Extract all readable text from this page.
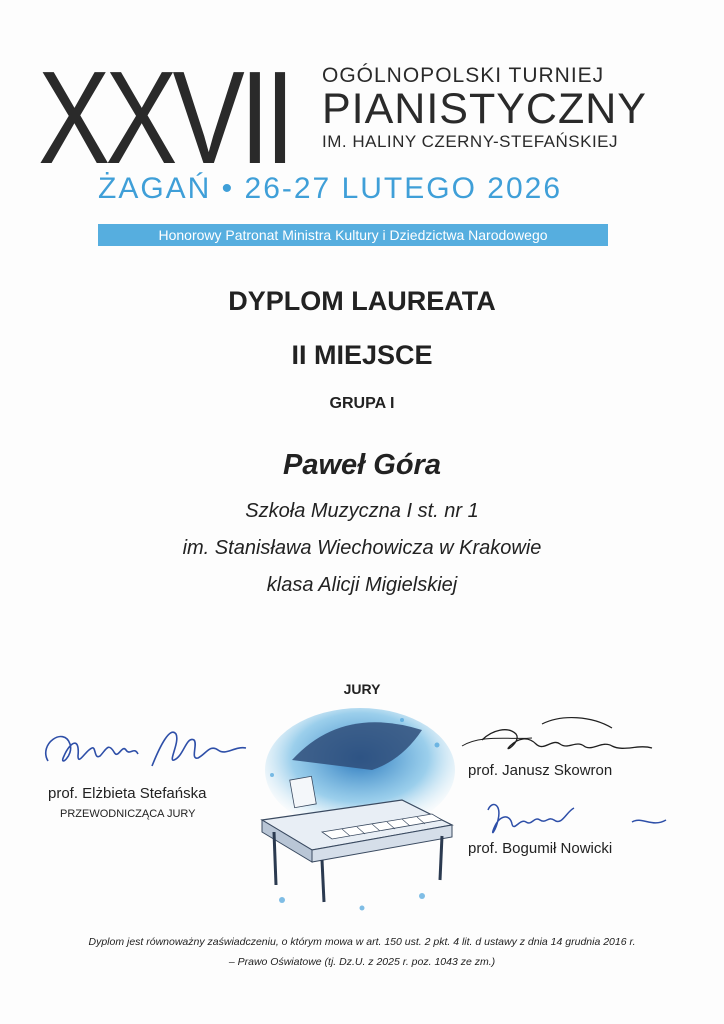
XXVII OGÓLNOPOLSKI TURNIEJ
PIANISTYCZNY
IM. HALINY CZERNY-STEFAŃSKIEJ
ŻAGAŃ • 26-27 LUTEGO 2026
Honorowy Patronat Ministra Kultury i Dziedzictwa Narodowego
DYPLOM LAUREATA
II MIEJSCE
GRUPA I
Paweł Góra
Szkoła Muzyczna I st. nr 1
im. Stanisława Wiechowicza w Krakowie
klasa Alicji Migielskiej
JURY
prof. Elżbieta Stefańska
PRZEWODNICZĄCA JURY
prof. Janusz Skowron
prof. Bogumił Nowicki
Dyplom jest równoważny zaświadczeniu, o którym mowa w art. 150 ust. 2 pkt. 4 lit. d ustawy z dnia 14 grudnia 2016 r.
– Prawo Oświatowe (tj. Dz.U. z 2025 r. poz. 1043 ze zm.)
